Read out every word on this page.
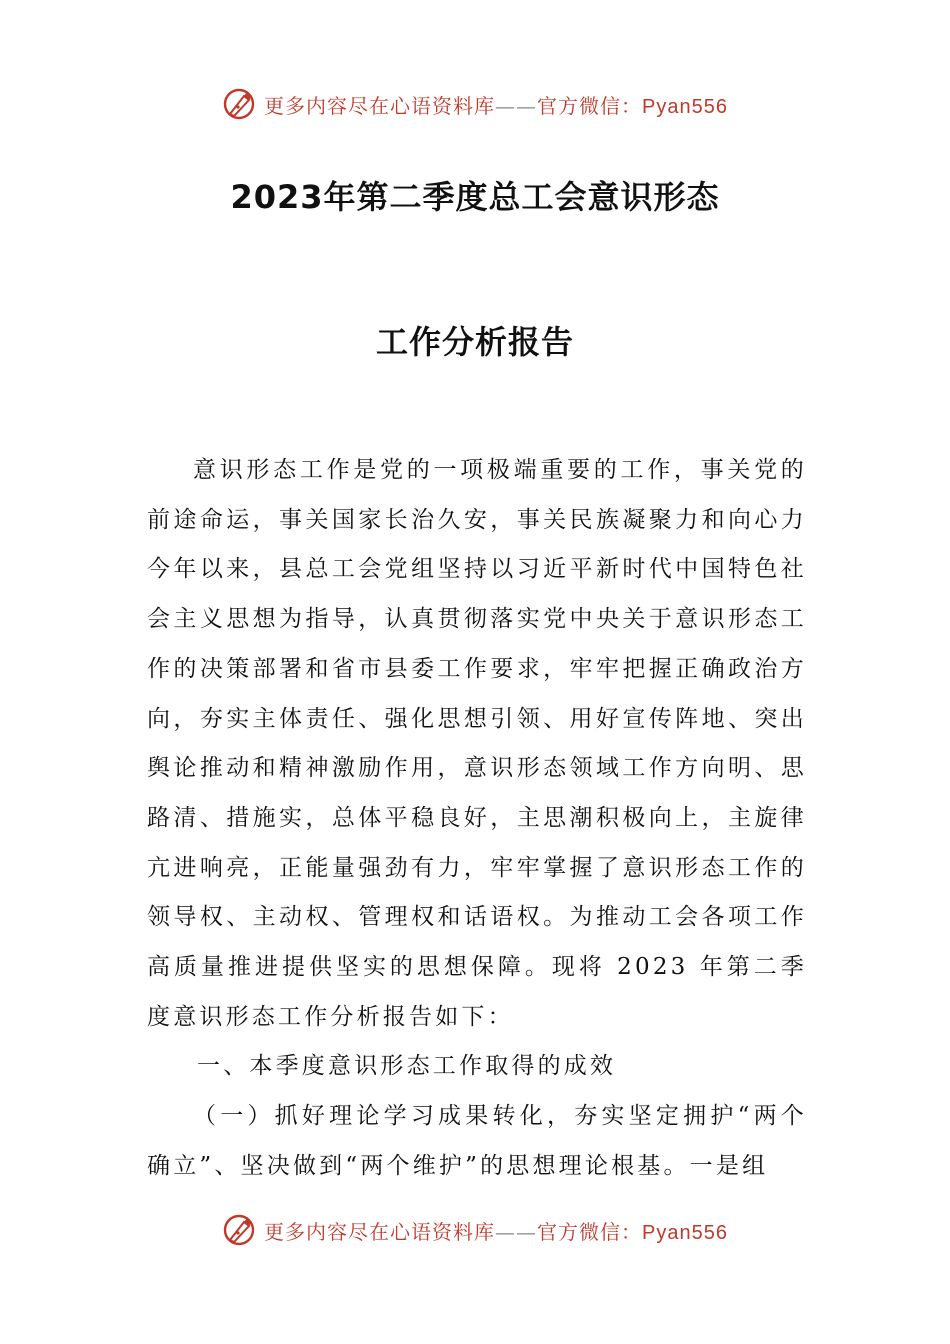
更多内容尽在心语资料库——官方微信：Pyan556
2023年第二季度总工会意识形态
工作分析报告

意识形态工作是党的一项极端重要的工作，事关党的前途命运，事关国家长治久安，事关民族凝聚力和向心力今年以来，县总工会党组坚持以习近平新时代中国特色社会主义思想为指导，认真贯彻落实党中央关于意识形态工作的决策部署和省市县委工作要求，牢牢把握正确政治方向，夯实主体责任、强化思想引领、用好宣传阵地、突出舆论推动和精神激励作用，意识形态领域工作方向明、思路清、措施实，总体平稳良好，主思潮积极向上，主旋律亢进响亮，正能量强劲有力，牢牢掌握了意识形态工作的领导权、主动权、管理权和话语权。为推动工会各项工作高质量推进提供坚实的思想保障。现将 2023 年第二季度意识形态工作分析报告如下：

一、本季度意识形态工作取得的成效

（一）抓好理论学习成果转化，夯实坚定拥护“两个确立”、坚决做到“两个维护”的思想理论根基。一是组

更多内容尽在心语资料库——官方微信：Pyan556
